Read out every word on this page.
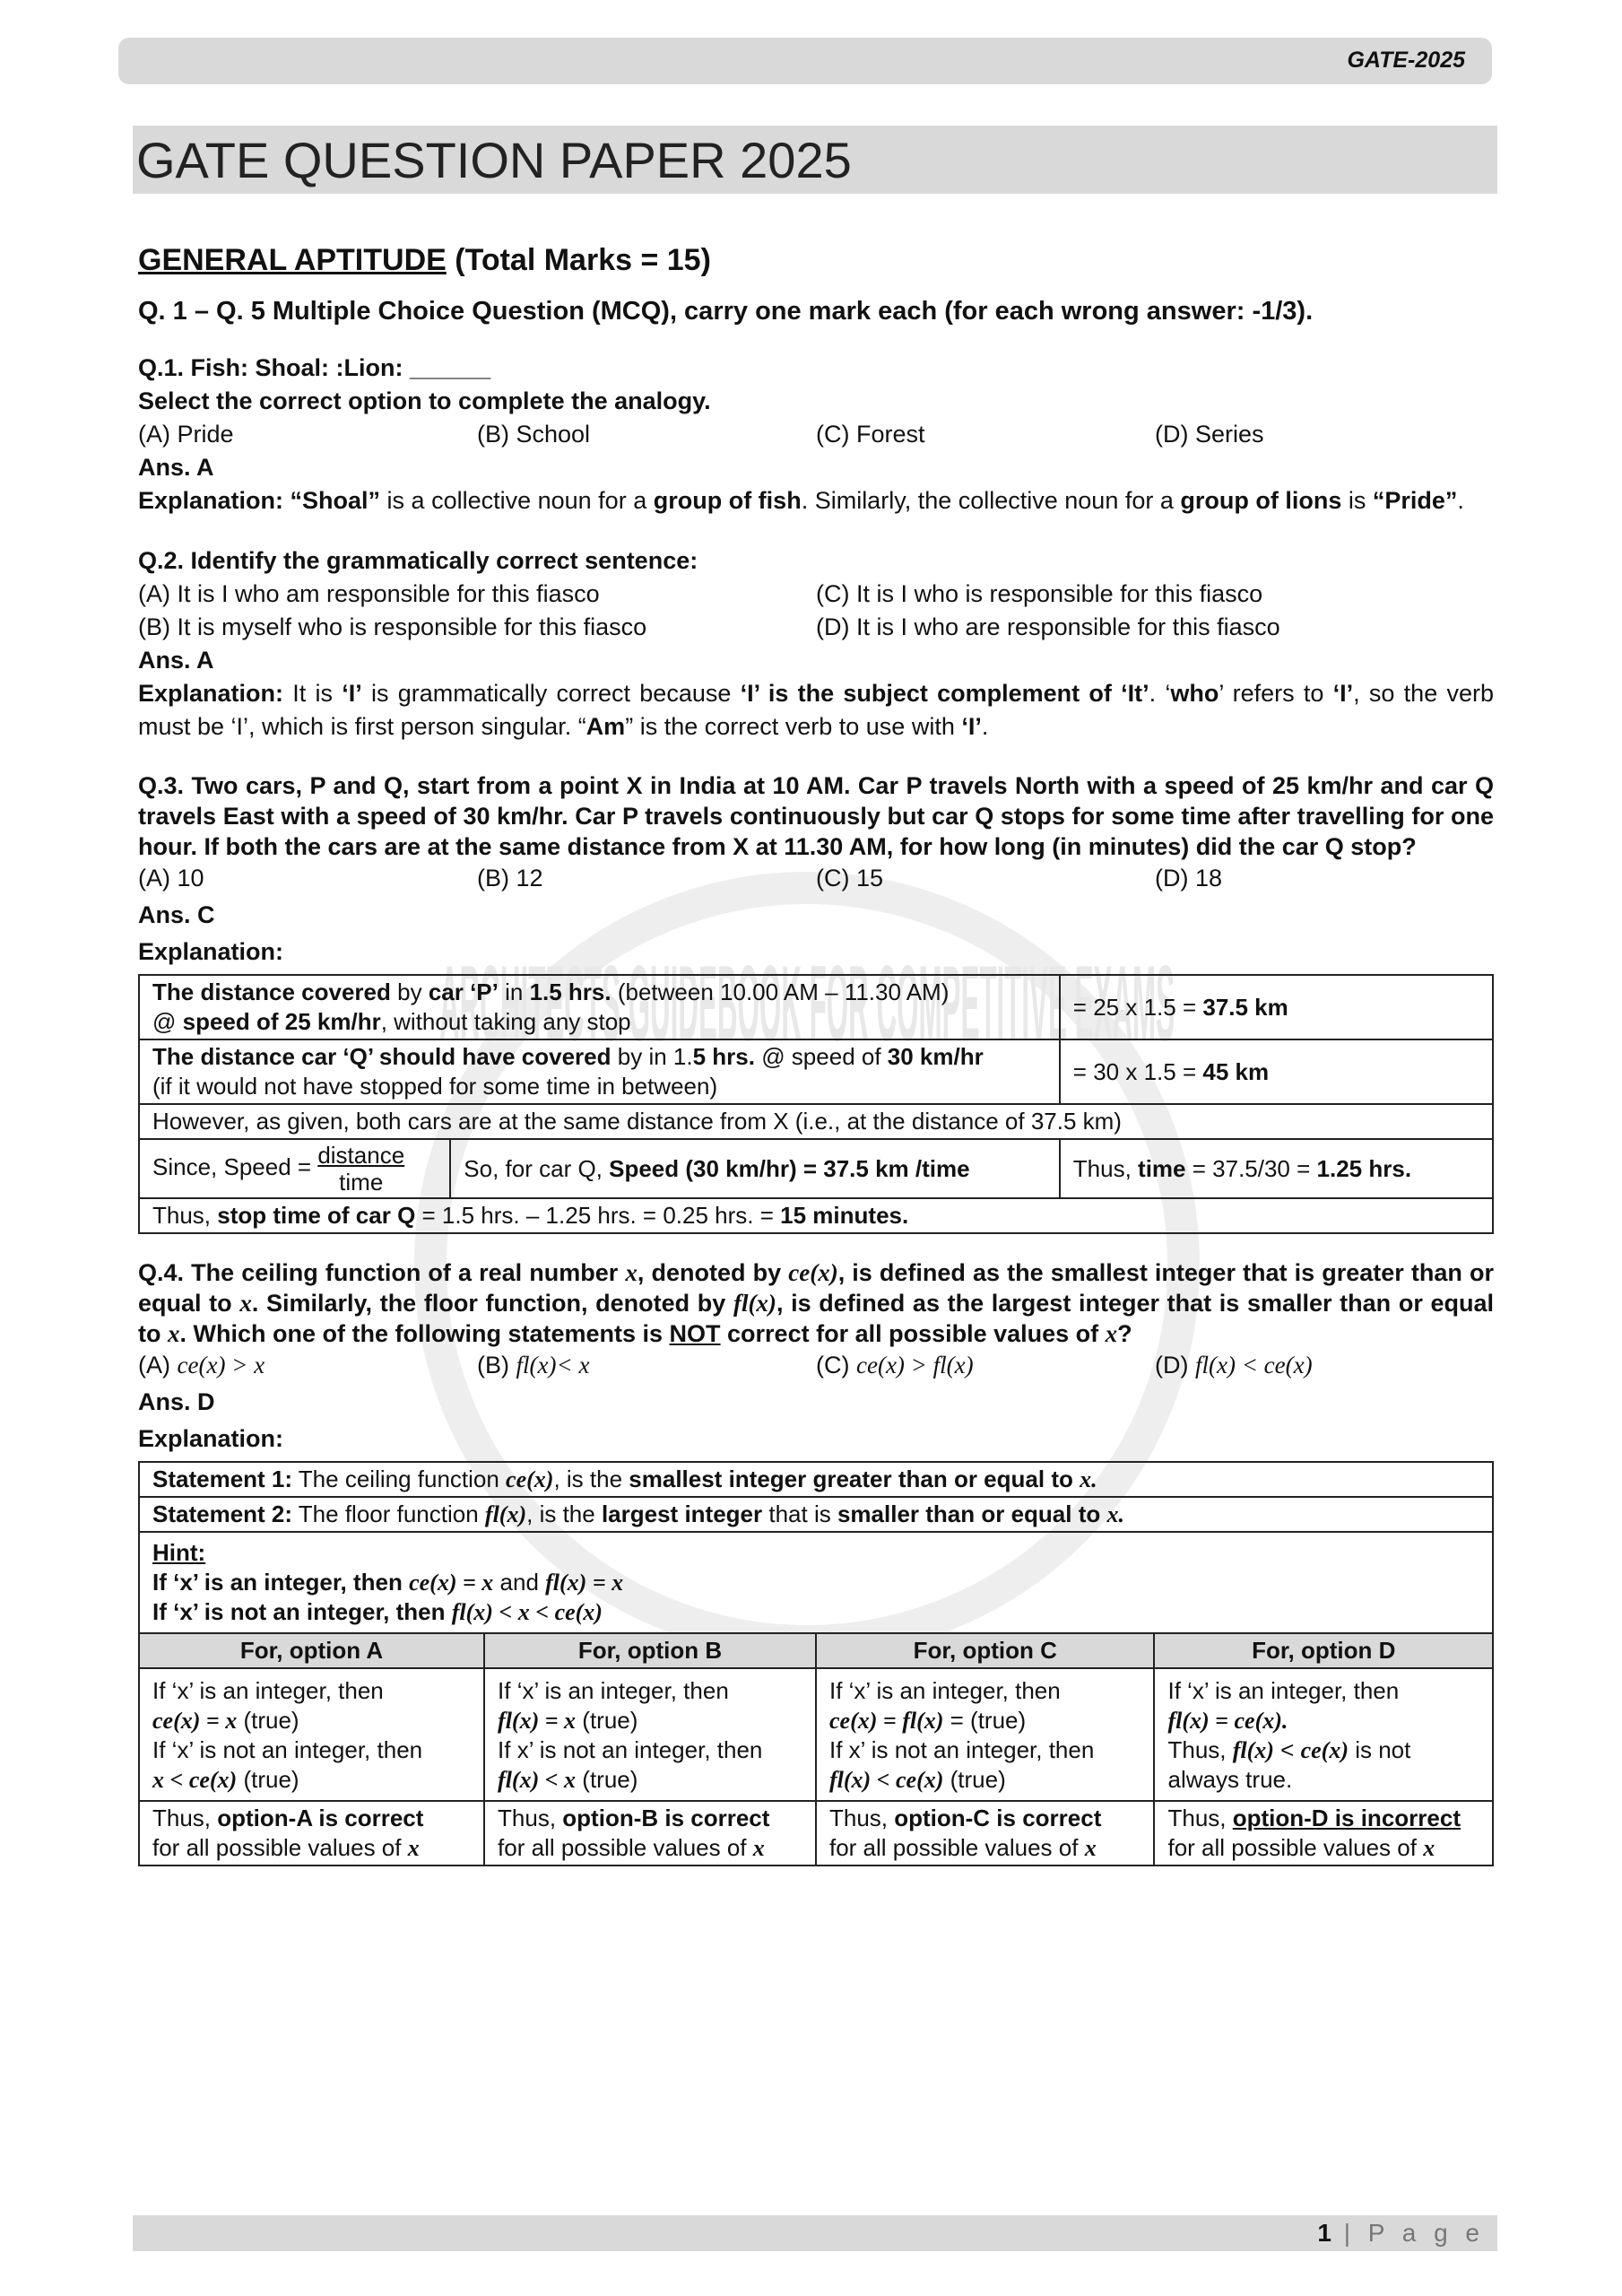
GATE-2025
ARCHITECTS GUIDEBOOK FOR COMPETITIVE EXAMS
GATE QUESTION PAPER 2025
GENERAL APTITUDE (Total Marks = 15)
Q. 1 – Q. 5 Multiple Choice Question (MCQ), carry one mark each (for each wrong answer: -1/3).
Q.1. Fish: Shoal: :Lion: ______
Select the correct option to complete the analogy.
(A) Pride	(B) School	(C) Forest	(D) Series
Ans. A
Explanation: “Shoal” is a collective noun for a group of fish. Similarly, the collective noun for a group of lions is “Pride”.
Q.2. Identify the grammatically correct sentence:
(A) It is I who am responsible for this fiasco	(C) It is I who is responsible for this fiasco
(B) It is myself who is responsible for this fiasco	(D) It is I who are responsible for this fiasco
Ans. A
Explanation: It is ‘I’ is grammatically correct because ‘I’ is the subject complement of ‘It’. ‘who’ refers to ‘I’, so the verb must be ‘I’, which is first person singular. “Am” is the correct verb to use with ‘I’.
Q.3. Two cars, P and Q, start from a point X in India at 10 AM. Car P travels North with a speed of 25 km/hr and car Q travels East with a speed of 30 km/hr. Car P travels continuously but car Q stops for some time after travelling for one hour. If both the cars are at the same distance from X at 11.30 AM, for how long (in minutes) did the car Q stop?
(A) 10	(B) 12	(C) 15	(D) 18
Ans. C
Explanation:
The distance covered by car ‘P’ in 1.5 hrs. (between 10.00 AM – 11.30 AM)
@ speed of 25 km/hr, without taking any stop		= 25 x 1.5 = 37.5 km
The distance car ‘Q’ should have covered by in 1.5 hrs. @ speed of 30 km/hr
(if it would not have stopped for some time in between)		= 30 x 1.5 = 45 km
However, as given, both cars are at the same distance from X (i.e., at the distance of 37.5 km)		
Since, Speed = $\frac{\text{distance}}{\text{time}}$	So, for car Q, Speed (30 km/hr) = 37.5 km /time	Thus, time = 37.5/30 = 1.25 hrs.
Thus, stop time of car Q = 1.5 hrs. – 1.25 hrs. = 0.25 hrs. = 15 minutes.		
Q.4. The ceiling function of a real number x, denoted by ce(x), is defined as the smallest integer that is greater than or equal to x. Similarly, the floor function, denoted by fl(x), is defined as the largest integer that is smaller than or equal to x. Which one of the following statements is NOT correct for all possible values of x?
(A) ce(x) > x	(B) fl(x)< x	(C) ce(x) > fl(x)	(D) fl(x) < ce(x)
Ans. D
Explanation:
Statement 1: The ceiling function ce(x), is the smallest integer greater than or equal to x.			
Statement 2: The floor function fl(x), is the largest integer that is smaller than or equal to x.			
Hint:
If ‘x’ is an integer, then ce(x) = x and fl(x) = x
If ‘x’ is not an integer, then fl(x) < x < ce(x)			
For, option A	For, option B	For, option C	For, option D
If ‘x’ is an integer, then
ce(x) = x (true)
If ‘x’ is not an integer, then
x < ce(x) (true)	If ‘x’ is an integer, then
fl(x) = x (true)
If x’ is not an integer, then
fl(x) < x (true)	If ‘x’ is an integer, then
ce(x) = fl(x) = (true)
If x’ is not an integer, then
fl(x) < ce(x) (true)	If ‘x’ is an integer, then
fl(x) = ce(x).
Thus, fl(x) < ce(x) is not
always true.
Thus, option-A is correct
for all possible values of x	Thus, option-B is correct
for all possible values of x	Thus, option-C is correct
for all possible values of x	Thus, option-D is incorrect
for all possible values of x
1 | P a g e
